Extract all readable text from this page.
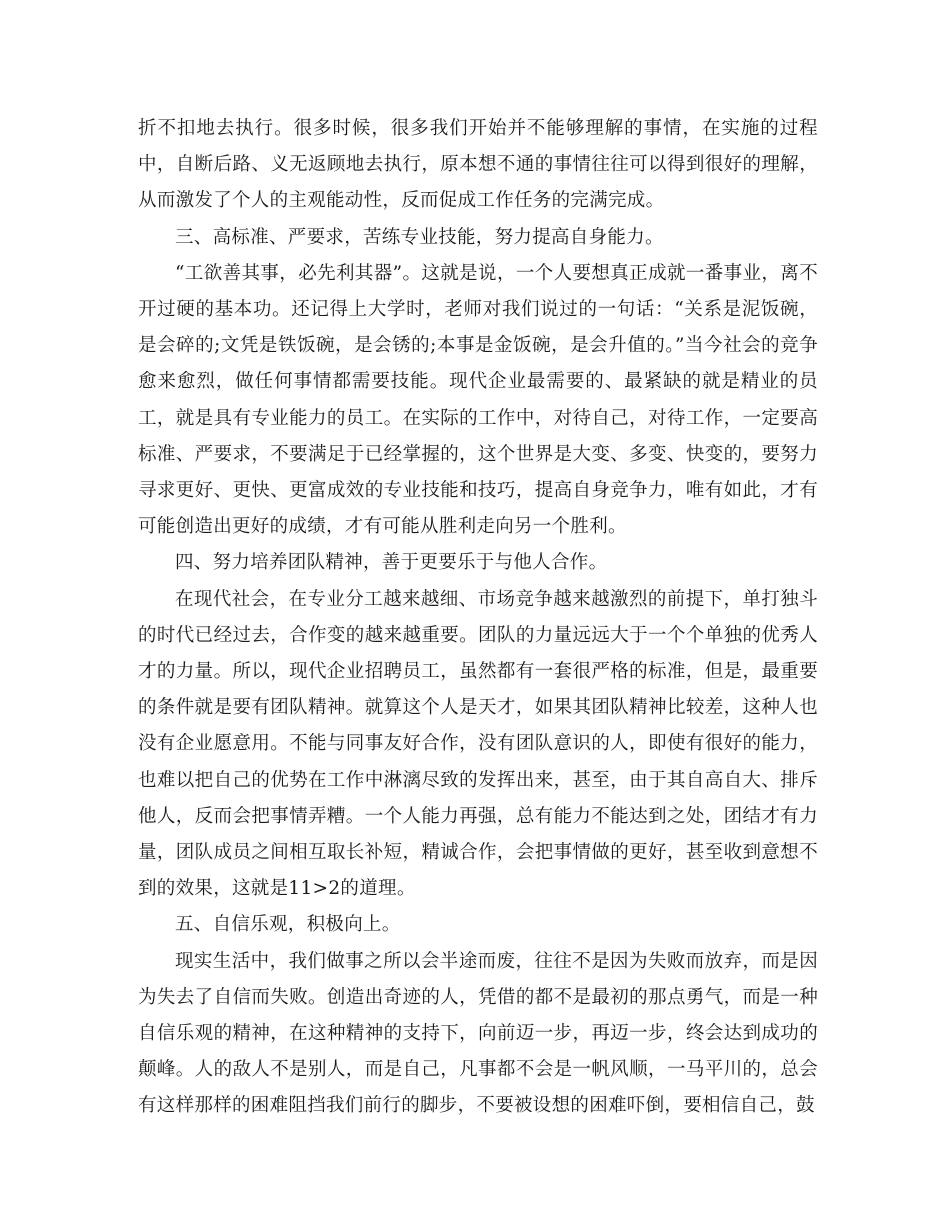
折不扣地去执行。很多时候，很多我们开始并不能够理解的事情，在实施的过程中，自断后路、义无返顾地去执行，原本想不通的事情往往可以得到很好的理解，从而激发了个人的主观能动性，反而促成工作任务的完满完成。

三、高标准、严要求，苦练专业技能，努力提高自身能力。

“工欲善其事，必先利其器”。这就是说，一个人要想真正成就一番事业，离不开过硬的基本功。还记得上大学时，老师对我们说过的一句话：“关系是泥饭碗，是会碎的;文凭是铁饭碗，是会锈的;本事是金饭碗，是会升值的。”当今社会的竞争愈来愈烈，做任何事情都需要技能。现代企业最需要的、最紧缺的就是精业的员工，就是具有专业能力的员工。在实际的工作中，对待自己，对待工作，一定要高标准、严要求，不要满足于已经掌握的，这个世界是大变、多变、快变的，要努力寻求更好、更快、更富成效的专业技能和技巧，提高自身竞争力，唯有如此，才有可能创造出更好的成绩，才有可能从胜利走向另一个胜利。

四、努力培养团队精神，善于更要乐于与他人合作。

在现代社会，在专业分工越来越细、市场竞争越来越激烈的前提下，单打独斗的时代已经过去，合作变的越来越重要。团队的力量远远大于一个个单独的优秀人才的力量。所以，现代企业招聘员工，虽然都有一套很严格的标准，但是，最重要的条件就是要有团队精神。就算这个人是天才，如果其团队精神比较差，这种人也没有企业愿意用。不能与同事友好合作，没有团队意识的人，即使有很好的能力，也难以把自己的优势在工作中淋漓尽致的发挥出来，甚至，由于其自高自大、排斥他人，反而会把事情弄糟。一个人能力再强，总有能力不能达到之处，团结才有力量，团队成员之间相互取长补短，精诚合作，会把事情做的更好，甚至收到意想不到的效果，这就是11>2的道理。

五、自信乐观，积极向上。

现实生活中，我们做事之所以会半途而废，往往不是因为失败而放弃，而是因为失去了自信而失败。创造出奇迹的人，凭借的都不是最初的那点勇气，而是一种自信乐观的精神，在这种精神的支持下，向前迈一步，再迈一步，终会达到成功的颠峰。人的敌人不是别人，而是自己，凡事都不会是一帆风顺，一马平川的，总会有这样那样的困难阻挡我们前行的脚步，不要被设想的困难吓倒，要相信自己，鼓
